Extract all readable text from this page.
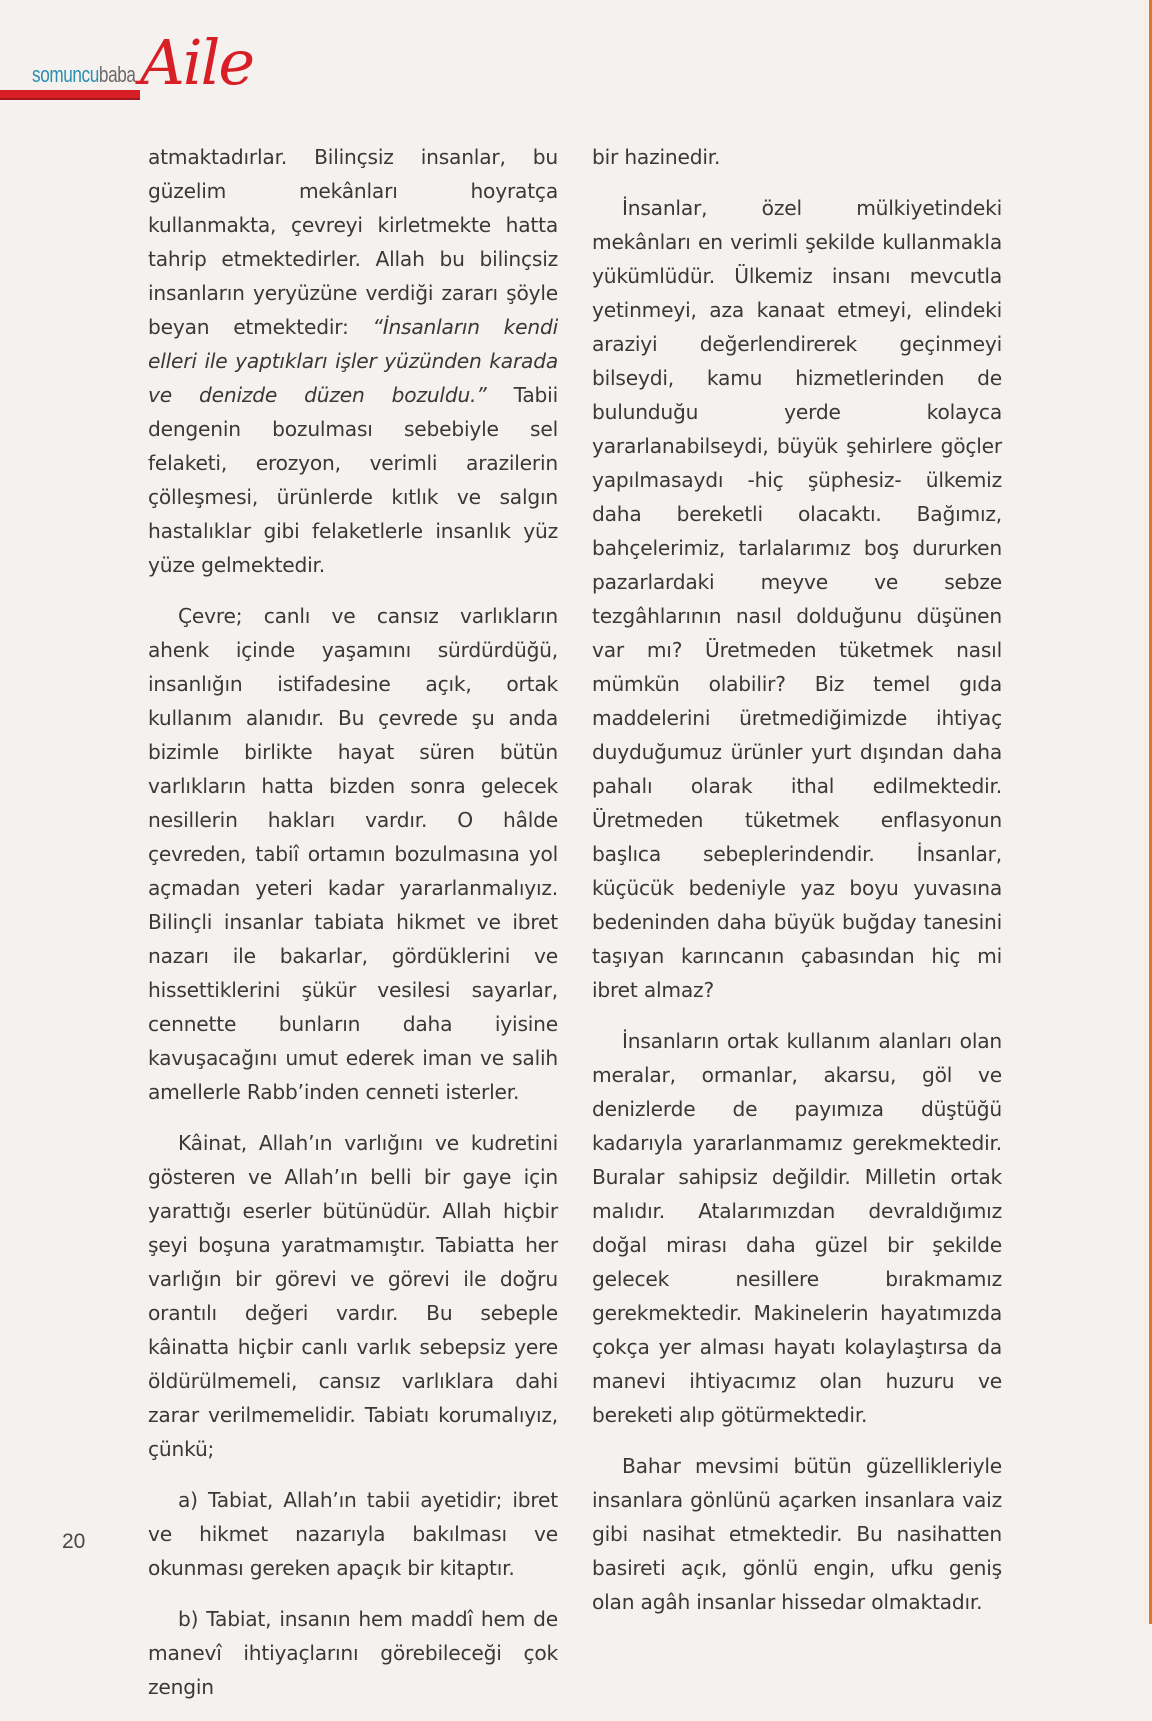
somuncubaba Aile

atmaktadırlar. Bilinçsiz insanlar, bu güzelim mekânları hoyratça kullanmakta, çevreyi kirletmekte hatta tahrip etmektedirler. Allah bu bilinçsiz insanların yeryüzüne verdiği zararı şöyle beyan etmektedir: “İnsanların kendi elleri ile yaptıkları işler yüzünden karada ve denizde düzen bozuldu.” Tabii dengenin bozulması sebebiyle sel felaketi, erozyon, verimli arazilerin çölleşmesi, ürünlerde kıtlık ve salgın hastalıklar gibi felaketlerle insanlık yüz yüze gelmektedir.

Çevre; canlı ve cansız varlıkların ahenk içinde yaşamını sürdürdüğü, insanlığın istifadesine açık, ortak kullanım alanıdır. Bu çevrede şu anda bizimle birlikte hayat süren bütün varlıkların hatta bizden sonra gelecek nesillerin hakları vardır. O hâlde çevreden, tabiî ortamın bozulmasına yol açmadan yeteri kadar yararlanmalıyız. Bilinçli insanlar tabiata hikmet ve ibret nazarı ile bakarlar, gördüklerini ve hissettiklerini şükür vesilesi sayarlar, cennette bunların daha iyisine kavuşacağını umut ederek iman ve salih amellerle Rabb’inden cenneti isterler.

Kâinat, Allah’ın varlığını ve kudretini gösteren ve Allah’ın belli bir gaye için yarattığı eserler bütünüdür. Allah hiçbir şeyi boşuna yaratmamıştır. Tabiatta her varlığın bir görevi ve görevi ile doğru orantılı değeri vardır. Bu sebeple kâinatta hiçbir canlı varlık sebepsiz yere öldürülmemeli, cansız varlıklara dahi zarar verilmemelidir. Tabiatı korumalıyız, çünkü;

a) Tabiat, Allah’ın tabii ayetidir; ibret ve hikmet nazarıyla bakılması ve okunması gereken apaçık bir kitaptır.

b) Tabiat, insanın hem maddî hem de manevî ihtiyaçlarını görebileceği çok zengin

bir hazinedir.

İnsanlar, özel mülkiyetindeki mekânları en verimli şekilde kullanmakla yükümlüdür. Ülkemiz insanı mevcutla yetinmeyi, aza kanaat etmeyi, elindeki araziyi değerlendirerek geçinmeyi bilseydi, kamu hizmetlerinden de bulunduğu yerde kolayca yararlanabilseydi, büyük şehirlere göçler yapılmasaydı -hiç şüphesiz- ülkemiz daha bereketli olacaktı. Bağımız, bahçelerimiz, tarlalarımız boş dururken pazarlardaki meyve ve sebze tezgâhlarının nasıl dolduğunu düşünen var mı? Üretmeden tüketmek nasıl mümkün olabilir? Biz temel gıda maddelerini üretmediğimizde ihtiyaç duyduğumuz ürünler yurt dışından daha pahalı olarak ithal edilmektedir. Üretmeden tüketmek enflasyonun başlıca sebeplerindendir. İnsanlar, küçücük bedeniyle yaz boyu yuvasına bedeninden daha büyük buğday tanesini taşıyan karıncanın çabasından hiç mi ibret almaz?

İnsanların ortak kullanım alanları olan meralar, ormanlar, akarsu, göl ve denizlerde de payımıza düştüğü kadarıyla yararlanmamız gerekmektedir. Buralar sahipsiz değildir. Milletin ortak malıdır. Atalarımızdan devraldığımız doğal mirası daha güzel bir şekilde gelecek nesillere bırakmamız gerekmektedir. Makinelerin hayatımızda çokça yer alması hayatı kolaylaştırsa da manevi ihtiyacımız olan huzuru ve bereketi alıp götürmektedir.

Bahar mevsimi bütün güzellikleriyle insanlara gönlünü açarken insanlara vaiz gibi nasihat etmektedir. Bu nasihatten basireti açık, gönlü engin, ufku geniş olan agâh insanlar hissedar olmaktadır.

20
